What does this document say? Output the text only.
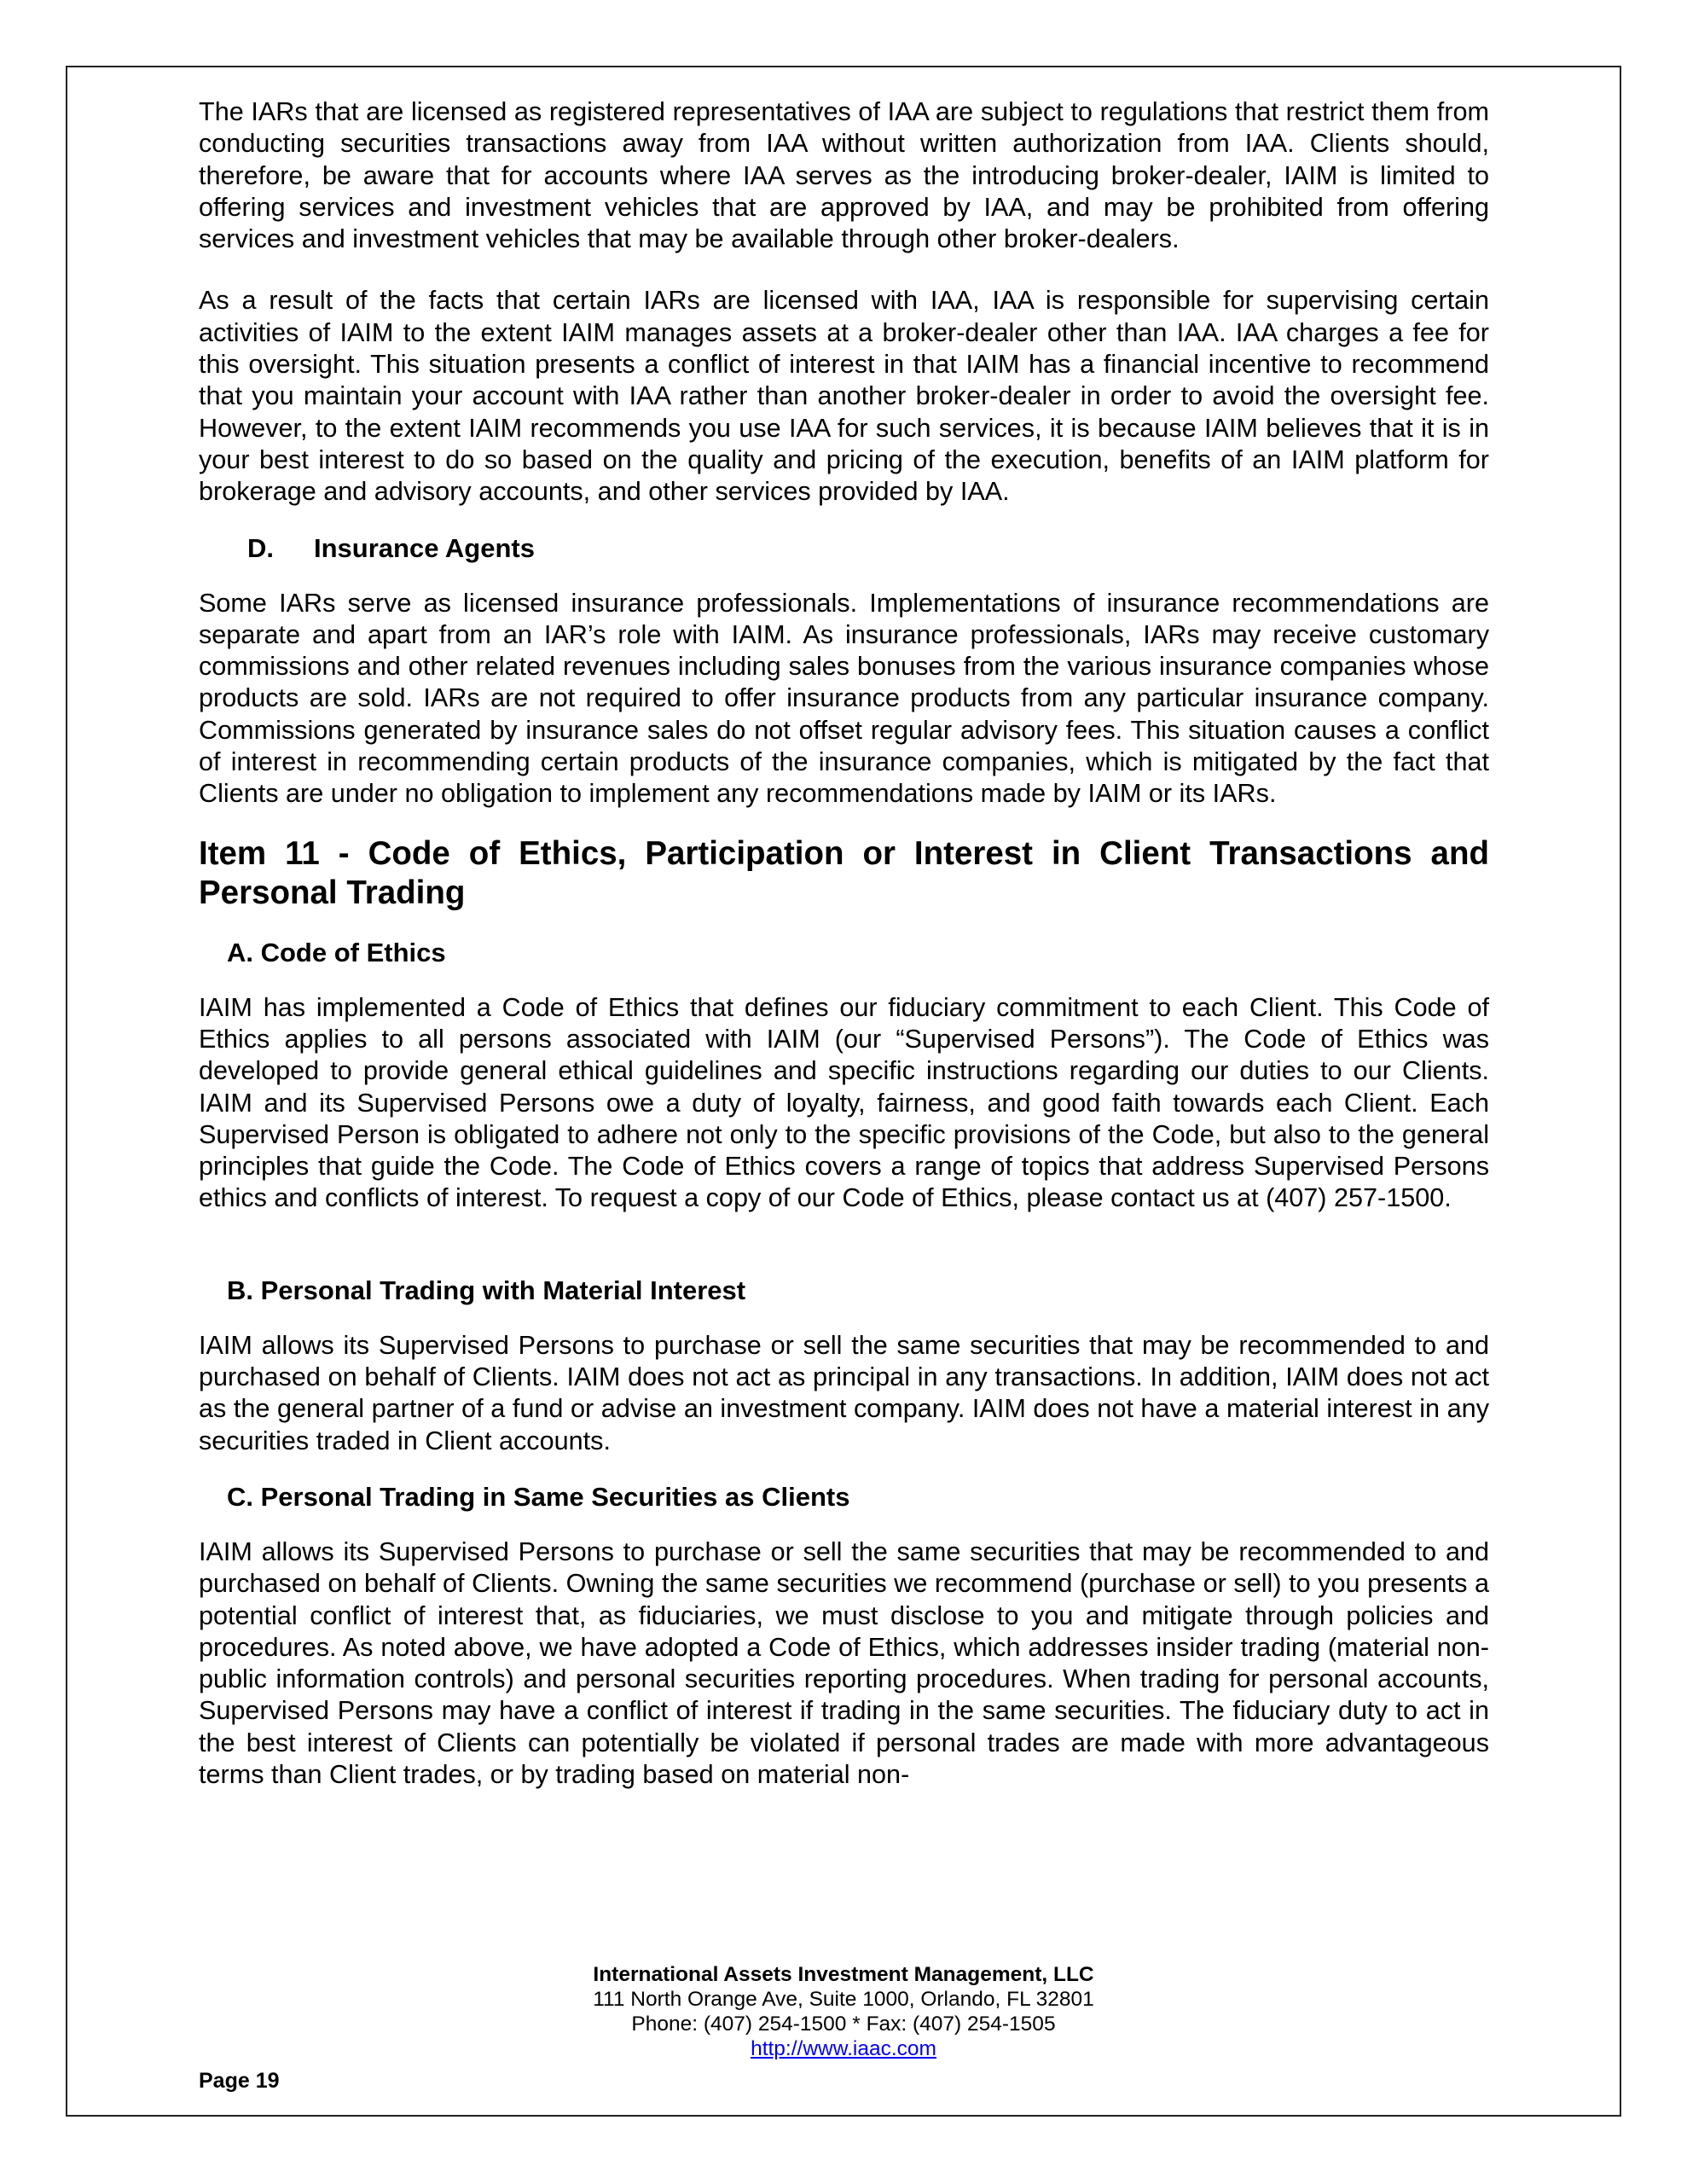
The IARs that are licensed as registered representatives of IAA are subject to regulations that restrict them from conducting securities transactions away from IAA without written authorization from IAA. Clients should, therefore, be aware that for accounts where IAA serves as the introducing broker-dealer, IAIM is limited to offering services and investment vehicles that are approved by IAA, and may be prohibited from offering services and investment vehicles that may be available through other broker-dealers.

As a result of the facts that certain IARs are licensed with IAA, IAA is responsible for supervising certain activities of IAIM to the extent IAIM manages assets at a broker-dealer other than IAA. IAA charges a fee for this oversight. This situation presents a conflict of interest in that IAIM has a financial incentive to recommend that you maintain your account with IAA rather than another broker-dealer in order to avoid the oversight fee. However, to the extent IAIM recommends you use IAA for such services, it is because IAIM believes that it is in your best interest to do so based on the quality and pricing of the execution, benefits of an IAIM platform for brokerage and advisory accounts, and other services provided by IAA.

D. Insurance Agents

Some IARs serve as licensed insurance professionals. Implementations of insurance recommendations are separate and apart from an IAR’s role with IAIM. As insurance professionals, IARs may receive customary commissions and other related revenues including sales bonuses from the various insurance companies whose products are sold. IARs are not required to offer insurance products from any particular insurance company. Commissions generated by insurance sales do not offset regular advisory fees. This situation causes a conflict of interest in recommending certain products of the insurance companies, which is mitigated by the fact that Clients are under no obligation to implement any recommendations made by IAIM or its IARs.

Item 11 - Code of Ethics, Participation or Interest in Client Transactions and Personal Trading
A. Code of Ethics

IAIM has implemented a Code of Ethics that defines our fiduciary commitment to each Client. This Code of Ethics applies to all persons associated with IAIM (our “Supervised Persons”). The Code of Ethics was developed to provide general ethical guidelines and specific instructions regarding our duties to our Clients. IAIM and its Supervised Persons owe a duty of loyalty, fairness, and good faith towards each Client. Each Supervised Person is obligated to adhere not only to the specific provisions of the Code, but also to the general principles that guide the Code. The Code of Ethics covers a range of topics that address Supervised Persons ethics and conflicts of interest. To request a copy of our Code of Ethics, please contact us at (407) 257-1500.

B. Personal Trading with Material Interest

IAIM allows its Supervised Persons to purchase or sell the same securities that may be recommended to and purchased on behalf of Clients. IAIM does not act as principal in any transactions. In addition, IAIM does not act as the general partner of a fund or advise an investment company. IAIM does not have a material interest in any securities traded in Client accounts.

C. Personal Trading in Same Securities as Clients

IAIM allows its Supervised Persons to purchase or sell the same securities that may be recommended to and purchased on behalf of Clients. Owning the same securities we recommend (purchase or sell) to you presents a potential conflict of interest that, as fiduciaries, we must disclose to you and mitigate through policies and procedures. As noted above, we have adopted a Code of Ethics, which addresses insider trading (material non-public information controls) and personal securities reporting procedures. When trading for personal accounts, Supervised Persons may have a conflict of interest if trading in the same securities. The fiduciary duty to act in the best interest of Clients can potentially be violated if personal trades are made with more advantageous terms than Client trades, or by trading based on material non-

International Assets Investment Management, LLC
111 North Orange Ave, Suite 1000, Orlando, FL 32801
Phone: (407) 254-1500 * Fax: (407) 254-1505
http://www.iaac.com
Page 19
